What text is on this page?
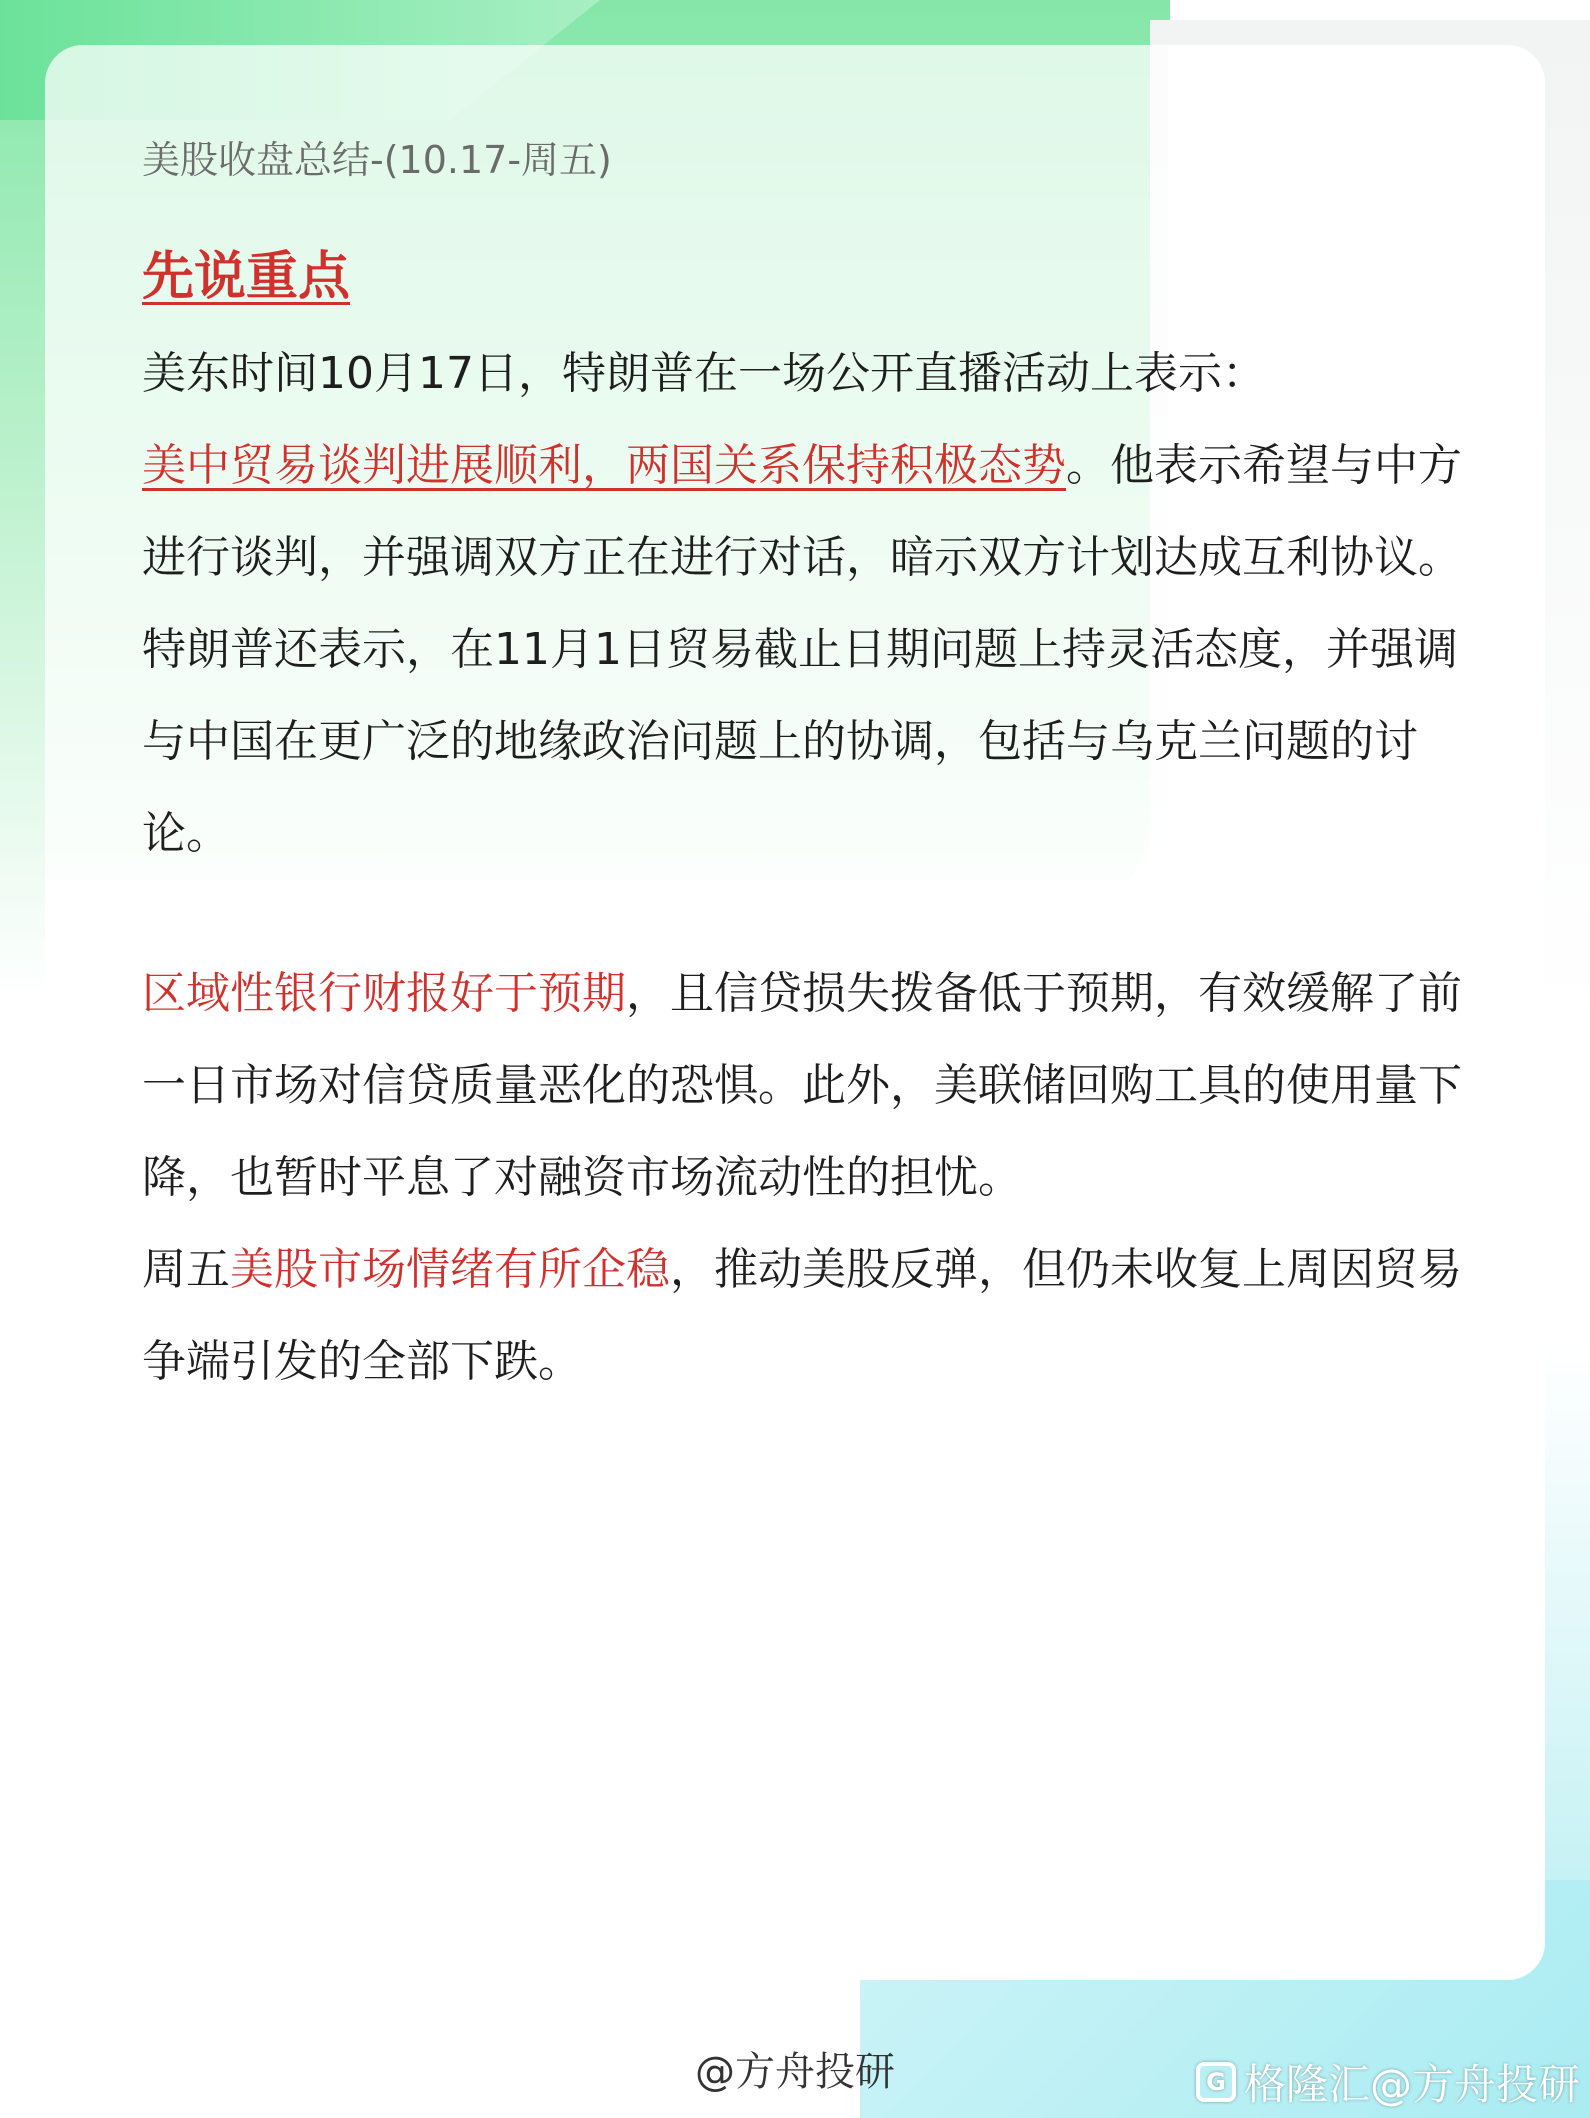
美股收盘总结-(10.17-周五)

先说重点

美东时间10月17日，特朗普在一场公开直播活动上表示：
美中贸易谈判进展顺利，两国关系保持积极态势。他表示希望与中方进行谈判，并强调双方正在进行对话，暗示双方计划达成互利协议。特朗普还表示，在11月1日贸易截止日期问题上持灵活态度，并强调与中国在更广泛的地缘政治问题上的协调，包括与乌克兰问题的讨论。

区域性银行财报好于预期，且信贷损失拨备低于预期，有效缓解了前一日市场对信贷质量恶化的恐惧。此外，美联储回购工具的使用量下降，也暂时平息了对融资市场流动性的担忧。

周五美股市场情绪有所企稳，推动美股反弹，但仍未收复上周因贸易争端引发的全部下跌。

@方舟投研	G 格隆汇@方舟投研
